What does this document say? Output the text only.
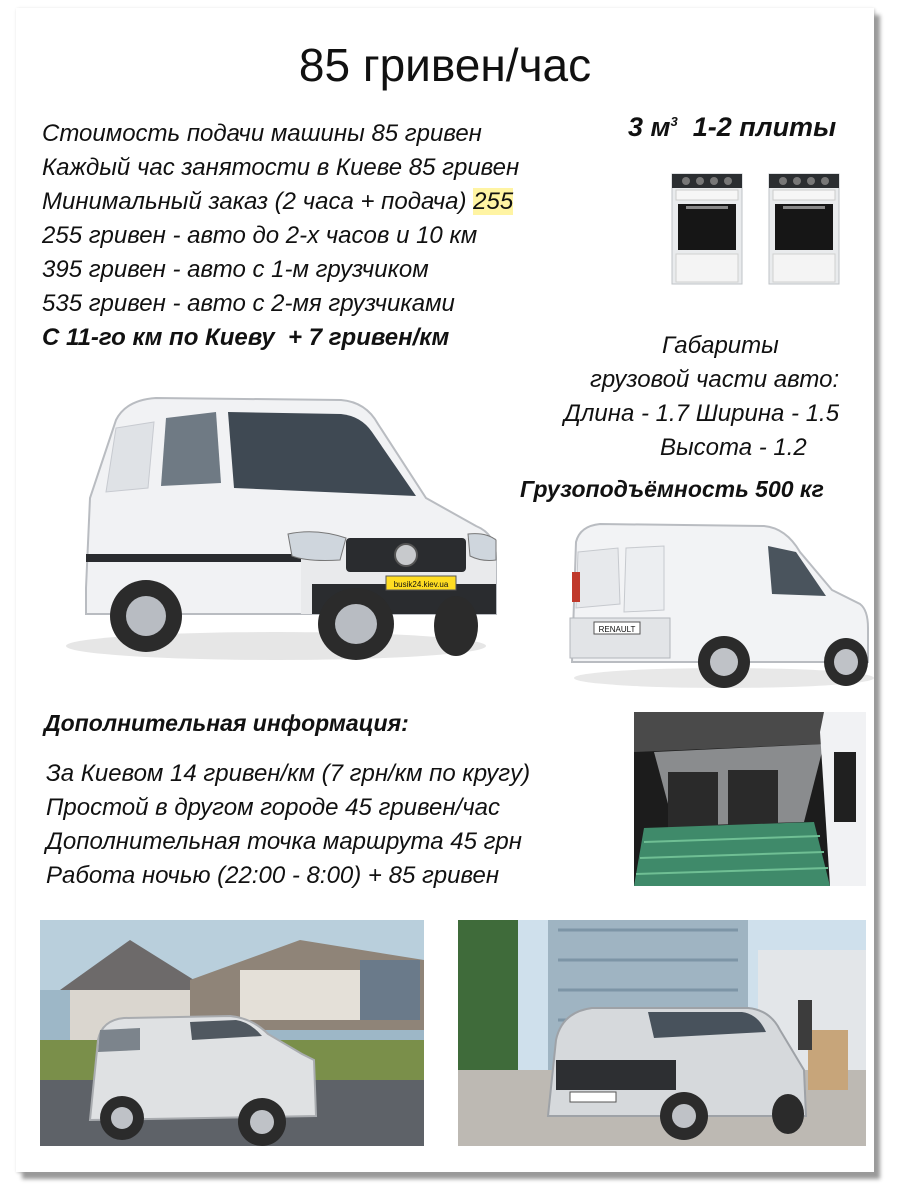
85 гривен/час
Стоимость подачи машины 85 гривен
Каждый час занятости в Киеве 85 гривен
Минимальный заказ (2 часа + подача) 255
255 гривен - авто до 2-х часов и 10 км
395 гривен - авто с 1-м грузчиком
535 гривен - авто с 2-мя грузчиками
С 11-го км по Киеву  + 7 гривен/км
3 $м^3$ 1-2 плиты
Габариты
грузовой части авто:
Длина - 1.7 Ширина - 1.5
Высота - 1.2
Грузоподъёмность 500 кг
busik24.kiev.ua
RENAULT
Дополнительная информация:
За Киевом 14 гривен/км (7 грн/км по кругу)
Простой в другом городе 45 гривен/час
Дополнительная точка маршрута 45 грн
Работа ночью (22:00 - 8:00) + 85 гривен
